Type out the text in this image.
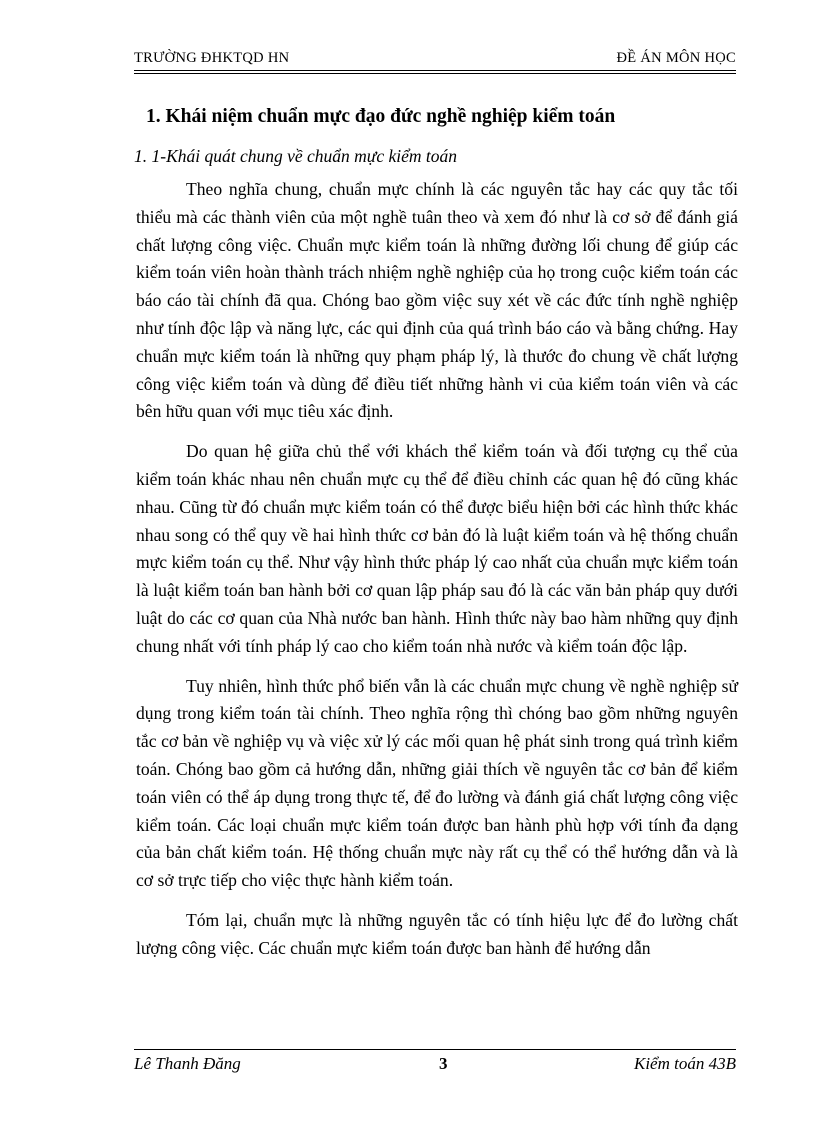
TRƯỜNG ĐHKTQD HN	ĐỀ ÁN MÔN HỌC
1. Khái niệm chuẩn mực đạo đức nghề nghiệp kiểm toán
1. 1-Khái quát chung về chuẩn mực kiểm toán

Theo nghĩa chung, chuẩn mực chính là các nguyên tắc hay các quy tắc tối thiểu mà các thành viên của một nghề tuân theo và xem đó như là cơ sở để đánh giá chất lượng công việc. Chuẩn mực kiểm toán là những đường lối chung để giúp các kiểm toán viên hoàn thành trách nhiệm nghề nghiệp của họ trong cuộc kiểm toán các báo cáo tài chính đã qua. Chóng bao gồm việc suy xét về các đức tính nghề nghiệp như tính độc lập và năng lực, các qui định của quá trình báo cáo và bằng chứng. Hay chuẩn mực kiểm toán là những quy phạm pháp lý, là thước đo chung về chất lượng công việc kiểm toán và dùng để điều tiết những hành vi của kiểm toán viên và các bên hữu quan với mục tiêu xác định.

Do quan hệ giữa chủ thể với khách thể kiểm toán và đối tượng cụ thể của kiểm toán khác nhau nên chuẩn mực cụ thể để điều chỉnh các quan hệ đó cũng khác nhau. Cũng từ đó chuẩn mực kiểm toán có thể được biểu hiện bởi các hình thức khác nhau song có thể quy về hai hình thức cơ bản đó là luật kiểm toán và hệ thống chuẩn mực kiểm toán cụ thể. Như vậy hình thức pháp lý cao nhất của chuẩn mực kiểm toán là luật kiểm toán ban hành bởi cơ quan lập pháp sau đó là các văn bản pháp quy dưới luật do các cơ quan của Nhà nước ban hành. Hình thức này bao hàm những quy định chung nhất với tính pháp lý cao cho kiểm toán nhà nước và kiểm toán độc lập.

Tuy nhiên, hình thức phổ biến vẫn là các chuẩn mực chung về nghề nghiệp sử dụng trong kiểm toán tài chính. Theo nghĩa rộng thì chóng bao gồm những nguyên tắc cơ bản về nghiệp vụ và việc xử lý các mối quan hệ phát sinh trong quá trình kiểm toán. Chóng bao gồm cả hướng dẫn, những giải thích về nguyên tắc cơ bản để kiểm toán viên có thể áp dụng trong thực tế, để đo lường và đánh giá chất lượng công việc kiểm toán. Các loại chuẩn mực kiểm toán được ban hành phù hợp với tính đa dạng của bản chất kiểm toán. Hệ thống chuẩn mực này rất cụ thể có thể hướng dẫn và là cơ sở trực tiếp cho việc thực hành kiểm toán.

Tóm lại, chuẩn mực là những nguyên tắc có tính hiệu lực để đo lường chất lượng công việc. Các chuẩn mực kiểm toán được ban hành để hướng dẫn

Lê Thanh Đăng	3	Kiểm toán 43B
